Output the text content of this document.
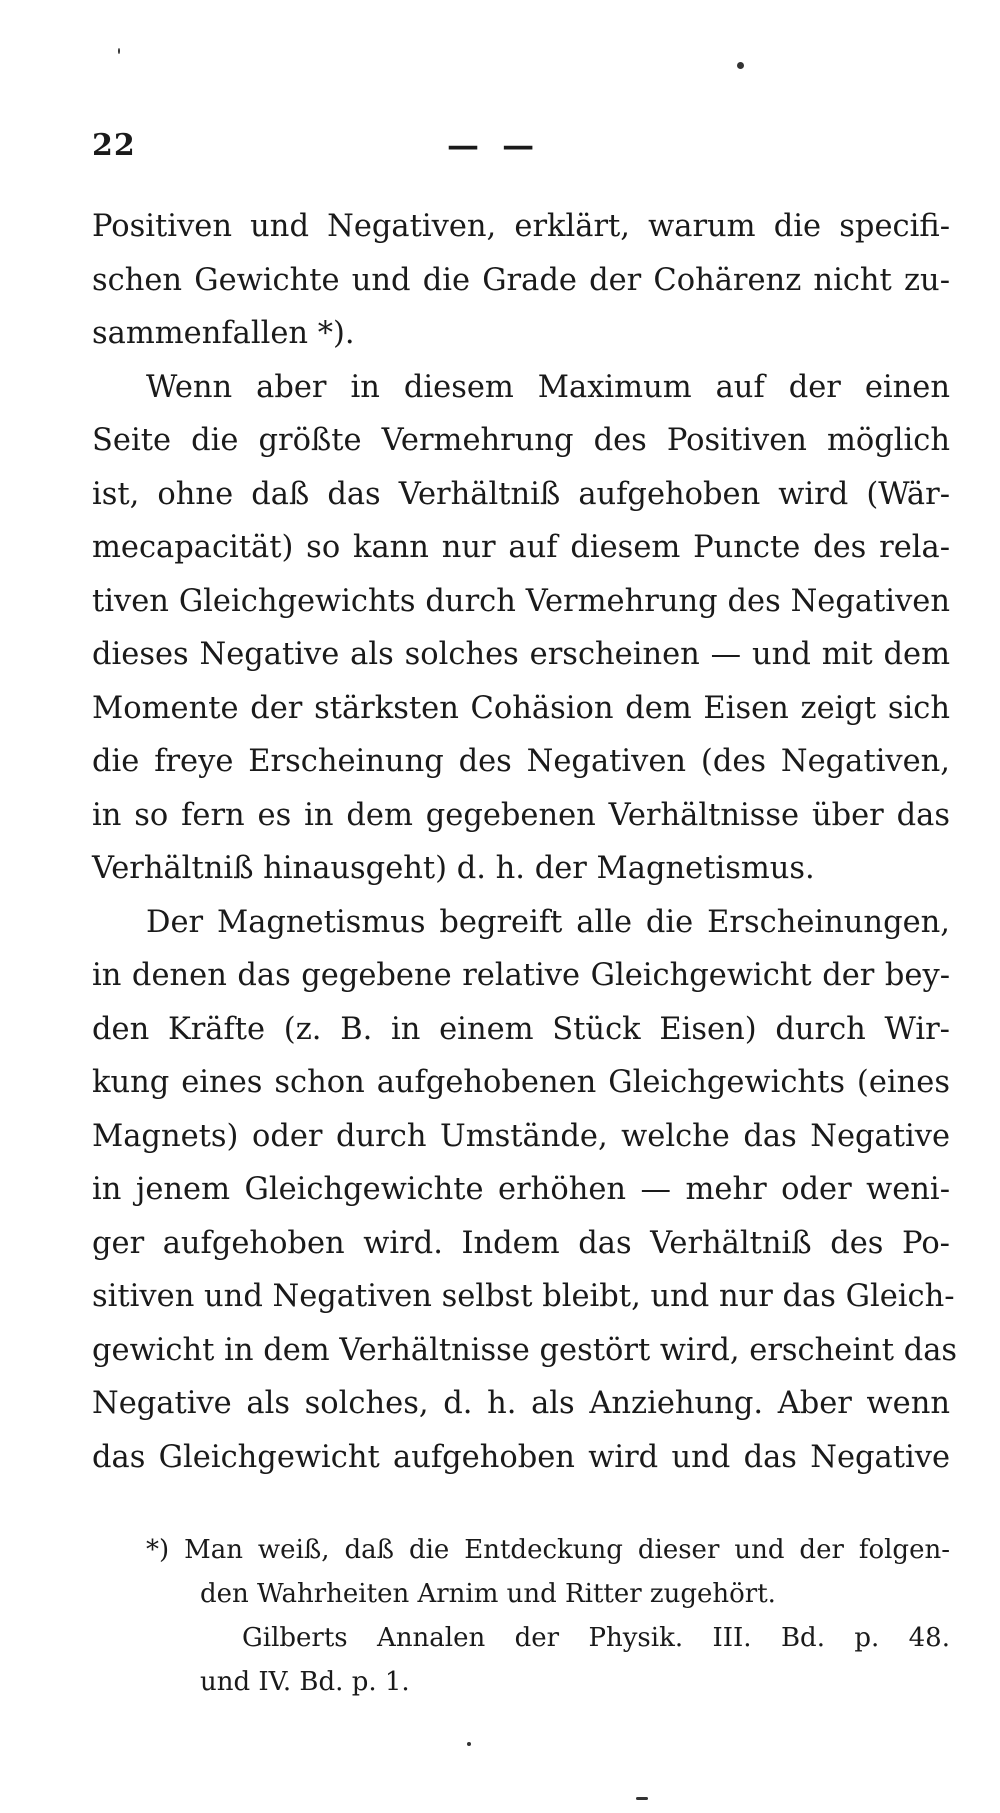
22	— —
Positiven und Negativen, erklärt, warum die specifi-
schen Gewichte und die Grade der Cohärenz nicht zu-
sammenfallen *).
Wenn aber in diesem Maximum auf der einen
Seite die größte Vermehrung des Positiven möglich
ist, ohne daß das Verhältniß aufgehoben wird (Wär-
mecapacität) so kann nur auf diesem Puncte des rela-
tiven Gleichgewichts durch Vermehrung des Negativen
dieses Negative als solches erscheinen — und mit dem
Momente der stärksten Cohäsion dem Eisen zeigt sich
die freye Erscheinung des Negativen (des Negativen,
in so fern es in dem gegebenen Verhältnisse über das
Verhältniß hinausgeht) d. h. der Magnetismus.
Der Magnetismus begreift alle die Erscheinungen,
in denen das gegebene relative Gleichgewicht der bey-
den Kräfte (z. B. in einem Stück Eisen) durch Wir-
kung eines schon aufgehobenen Gleichgewichts (eines
Magnets) oder durch Umstände, welche das Negative
in jenem Gleichgewichte erhöhen — mehr oder weni-
ger aufgehoben wird. Indem das Verhältniß des Po-
sitiven und Negativen selbst bleibt, und nur das Gleich-
gewicht in dem Verhältnisse gestört wird, erscheint das
Negative als solches, d. h. als Anziehung. Aber wenn
das Gleichgewicht aufgehoben wird und das Negative
*) Man weiß, daß die Entdeckung dieser und der folgen-
den Wahrheiten Arnim und Ritter zugehört.
Gilberts Annalen der Physik. III. Bd. p. 48.
und IV. Bd. p. 1.
